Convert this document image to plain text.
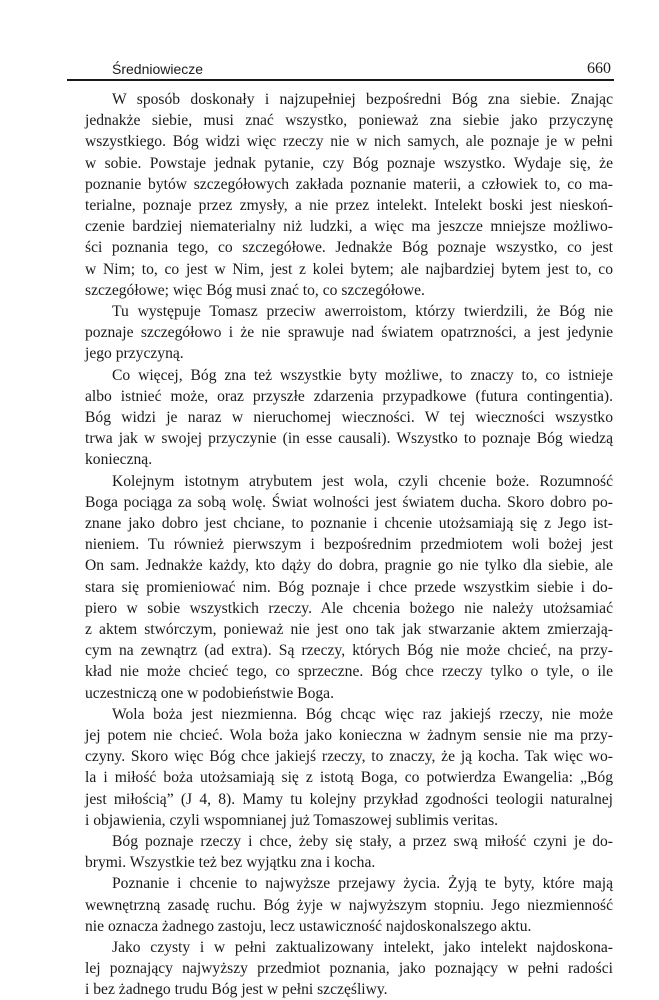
Średniowiecze	660
W sposób doskonały i najzupełniej bezpośredni Bóg zna siebie. Znając
jednakże siebie, musi znać wszystko, ponieważ zna siebie jako przyczynę
wszystkiego. Bóg widzi więc rzeczy nie w nich samych, ale poznaje je w pełni
w sobie. Powstaje jednak pytanie, czy Bóg poznaje wszystko. Wydaje się, że
poznanie bytów szczegółowych zakłada poznanie materii, a człowiek to, co ma-
terialne, poznaje przez zmysły, a nie przez intelekt. Intelekt boski jest nieskoń-
czenie bardziej niematerialny niż ludzki, a więc ma jeszcze mniejsze możliwo-
ści poznania tego, co szczegółowe. Jednakże Bóg poznaje wszystko, co jest
w Nim; to, co jest w Nim, jest z kolei bytem; ale najbardziej bytem jest to, co
szczegółowe; więc Bóg musi znać to, co szczegółowe.
Tu występuje Tomasz przeciw awerroistom, którzy twierdzili, że Bóg nie
poznaje szczegółowo i że nie sprawuje nad światem opatrzności, a jest jedynie
jego przyczyną.
Co więcej, Bóg zna też wszystkie byty możliwe, to znaczy to, co istnieje
albo istnieć może, oraz przyszłe zdarzenia przypadkowe (futura contingentia).
Bóg widzi je naraz w nieruchomej wieczności. W tej wieczności wszystko
trwa jak w swojej przyczynie (in esse causali). Wszystko to poznaje Bóg wiedzą
konieczną.
Kolejnym istotnym atrybutem jest wola, czyli chcenie boże. Rozumność
Boga pociąga za sobą wolę. Świat wolności jest światem ducha. Skoro dobro po-
znane jako dobro jest chciane, to poznanie i chcenie utożsamiają się z Jego ist-
nieniem. Tu również pierwszym i bezpośrednim przedmiotem woli bożej jest
On sam. Jednakże każdy, kto dąży do dobra, pragnie go nie tylko dla siebie, ale
stara się promieniować nim. Bóg poznaje i chce przede wszystkim siebie i do-
piero w sobie wszystkich rzeczy. Ale chcenia bożego nie należy utożsamiać
z aktem stwórczym, ponieważ nie jest ono tak jak stwarzanie aktem zmierzają-
cym na zewnątrz (ad extra). Są rzeczy, których Bóg nie może chcieć, na przy-
kład nie może chcieć tego, co sprzeczne. Bóg chce rzeczy tylko o tyle, o ile
uczestniczą one w podobieństwie Boga.
Wola boża jest niezmienna. Bóg chcąc więc raz jakiejś rzeczy, nie może
jej potem nie chcieć. Wola boża jako konieczna w żadnym sensie nie ma przy-
czyny. Skoro więc Bóg chce jakiejś rzeczy, to znaczy, że ją kocha. Tak więc wo-
la i miłość boża utożsamiają się z istotą Boga, co potwierdza Ewangelia: „Bóg
jest miłością” (J 4, 8). Mamy tu kolejny przykład zgodności teologii naturalnej
i objawienia, czyli wspomnianej już Tomaszowej sublimis veritas.
Bóg poznaje rzeczy i chce, żeby się stały, a przez swą miłość czyni je do-
brymi. Wszystkie też bez wyjątku zna i kocha.
Poznanie i chcenie to najwyższe przejawy życia. Żyją te byty, które mają
wewnętrzną zasadę ruchu. Bóg żyje w najwyższym stopniu. Jego niezmienność
nie oznacza żadnego zastoju, lecz ustawiczność najdoskonalszego aktu.
Jako czysty i w pełni zaktualizowany intelekt, jako intelekt najdoskona-
lej poznający najwyższy przedmiot poznania, jako poznający w pełni radości
i bez żadnego trudu Bóg jest w pełni szczęśliwy.
